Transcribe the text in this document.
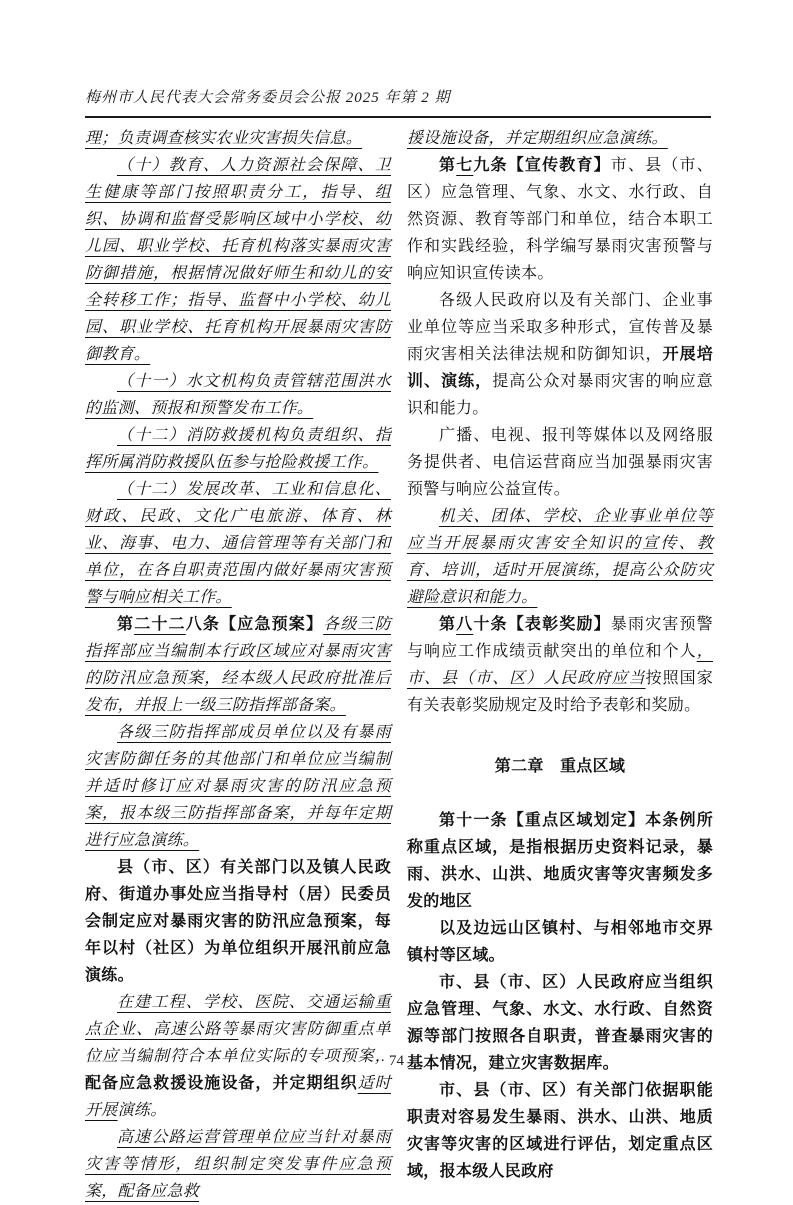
梅州市人民代表大会常务委员会公报 2025 年第 2 期

理；负责调查核实农业灾害损失信息。

（十）教育、人力资源社会保障、卫生健康等部门按照职责分工，指导、组织、协调和监督受影响区域中小学校、幼儿园、职业学校、托育机构落实暴雨灾害防御措施，根据情况做好师生和幼儿的安全转移工作；指导、监督中小学校、幼儿园、职业学校、托育机构开展暴雨灾害防御教育。

（十一）水文机构负责管辖范围洪水的监测、预报和预警发布工作。

（十二）消防救援机构负责组织、指挥所属消防救援队伍参与抢险救援工作。

（十二）发展改革、工业和信息化、财政、民政、文化广电旅游、体育、林业、海事、电力、通信管理等有关部门和单位，在各自职责范围内做好暴雨灾害预警与响应相关工作。

第二十二八条【应急预案】各级三防指挥部应当编制本行政区域应对暴雨灾害的防汛应急预案，经本级人民政府批准后发布，并报上一级三防指挥部备案。

各级三防指挥部成员单位以及有暴雨灾害防御任务的其他部门和单位应当编制并适时修订应对暴雨灾害的防汛应急预案，报本级三防指挥部备案，并每年定期进行应急演练。

县（市、区）有关部门以及镇人民政府、街道办事处应当指导村（居）民委员会制定应对暴雨灾害的防汛应急预案，每年以村（社区）为单位组织开展汛前应急演练。

在建工程、学校、医院、交通运输重点企业、高速公路等暴雨灾害防御重点单位应当编制符合本单位实际的专项预案，配备应急救援设施设备，并定期组织适时开展演练。

高速公路运营管理单位应当针对暴雨灾害等情形，组织制定突发事件应急预案，配备应急救

援设施设备，并定期组织应急演练。

第七九条【宣传教育】市、县（市、区）应急管理、气象、水文、水行政、自然资源、教育等部门和单位，结合本职工作和实践经验，科学编写暴雨灾害预警与响应知识宣传读本。

各级人民政府以及有关部门、企业事业单位等应当采取多种形式，宣传普及暴雨灾害相关法律法规和防御知识，开展培训、演练，提高公众对暴雨灾害的响应意识和能力。

广播、电视、报刊等媒体以及网络服务提供者、电信运营商应当加强暴雨灾害预警与响应公益宣传。

机关、团体、学校、企业事业单位等应当开展暴雨灾害安全知识的宣传、教育、培训，适时开展演练，提高公众防灾避险意识和能力。

第八十条【表彰奖励】暴雨灾害预警与响应工作成绩贡献突出的单位和个人，市、县（市、区）人民政府应当按照国家有关表彰奖励规定及时给予表彰和奖励。

第二章　重点区域

第十一条【重点区域划定】本条例所称重点区域，是指根据历史资料记录，暴雨、洪水、山洪、地质灾害等灾害频发多发的地区

以及边远山区镇村、与相邻地市交界镇村等区域。

市、县（市、区）人民政府应当组织应急管理、气象、水文、水行政、自然资源等部门按照各自职责，普查暴雨灾害的基本情况，建立灾害数据库。

市、县（市、区）有关部门依据职能职责对容易发生暴雨、洪水、山洪、地质灾害等灾害的区域进行评估，划定重点区域，报本级人民政府

· 74 ·
